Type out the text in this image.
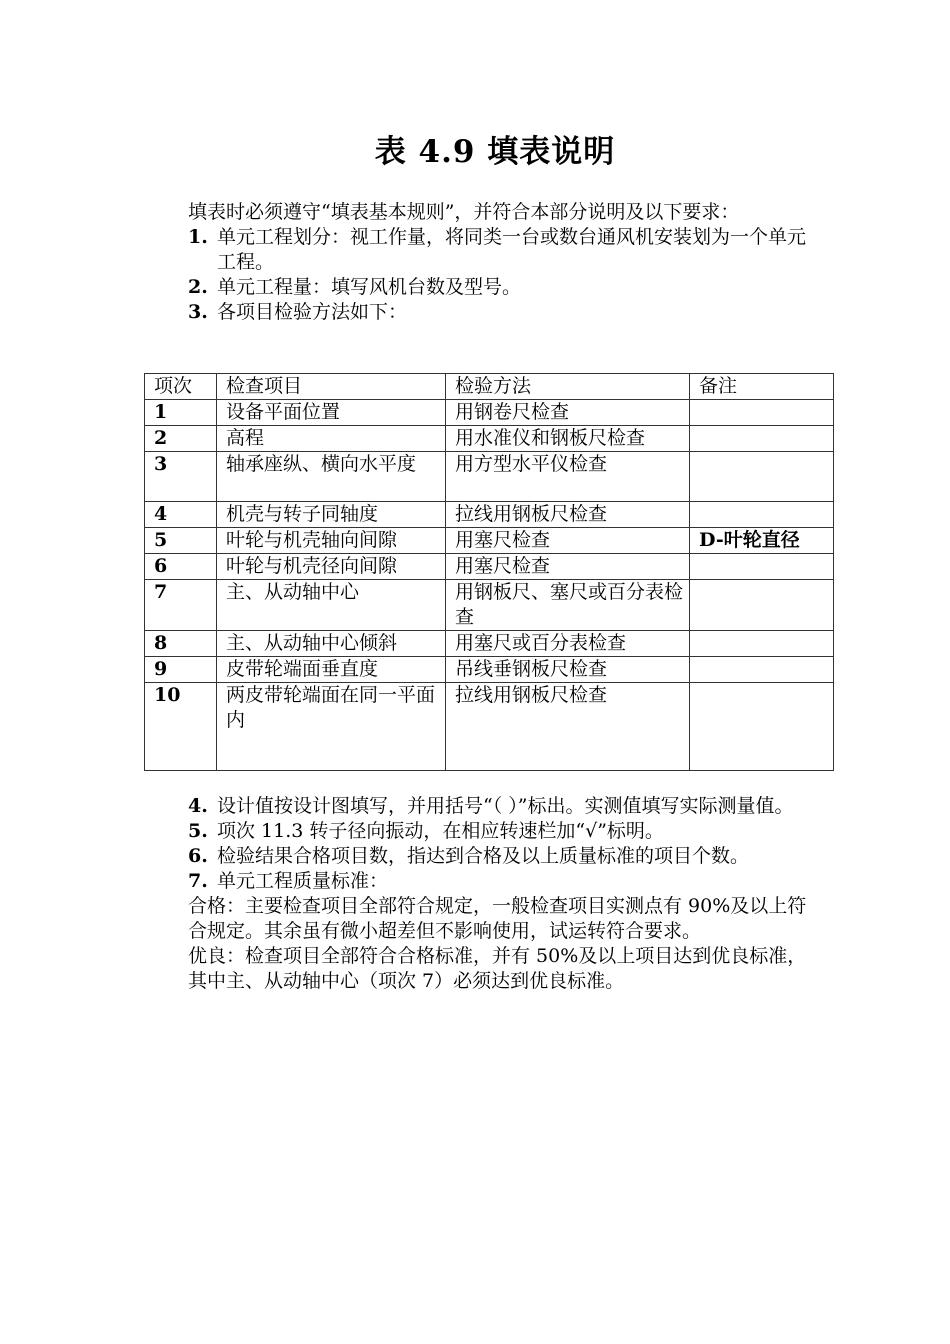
表 4.9 填表说明
填表时必须遵守“填表基本规则”，并符合本部分说明及以下要求：
1. 单元工程划分：视工作量，将同类一台或数台通风机安装划为一个单元工程。
2. 单元工程量：填写风机台数及型号。
3. 各项目检验方法如下：
项次	检查项目	检验方法	备注
1	设备平面位置	用钢卷尺检查	
2	高程	用水准仪和钢板尺检查	
3	轴承座纵、横向水平度	用方型水平仪检查	
4	机壳与转子同轴度	拉线用钢板尺检查	
5	叶轮与机壳轴向间隙	用塞尺检查	D-叶轮直径
6	叶轮与机壳径向间隙	用塞尺检查	
7	主、从动轴中心	用钢板尺、塞尺或百分表检查	
8	主、从动轴中心倾斜	用塞尺或百分表检查	
9	皮带轮端面垂直度	吊线垂钢板尺检查	
10	两皮带轮端面在同一平面内	拉线用钢板尺检查	
4. 设计值按设计图填写，并用括号“（ ）”标出。实测值填写实际测量值。
5. 项次 11.3 转子径向振动，在相应转速栏加“√”标明。
6. 检验结果合格项目数，指达到合格及以上质量标准的项目个数。
7. 单元工程质量标准：
合格：主要检查项目全部符合规定，一般检查项目实测点有 90%及以上符合规定。其余虽有微小超差但不影响使用，试运转符合要求。
优良：检查项目全部符合合格标准，并有 50%及以上项目达到优良标准，其中主、从动轴中心（项次 7）必须达到优良标准。
